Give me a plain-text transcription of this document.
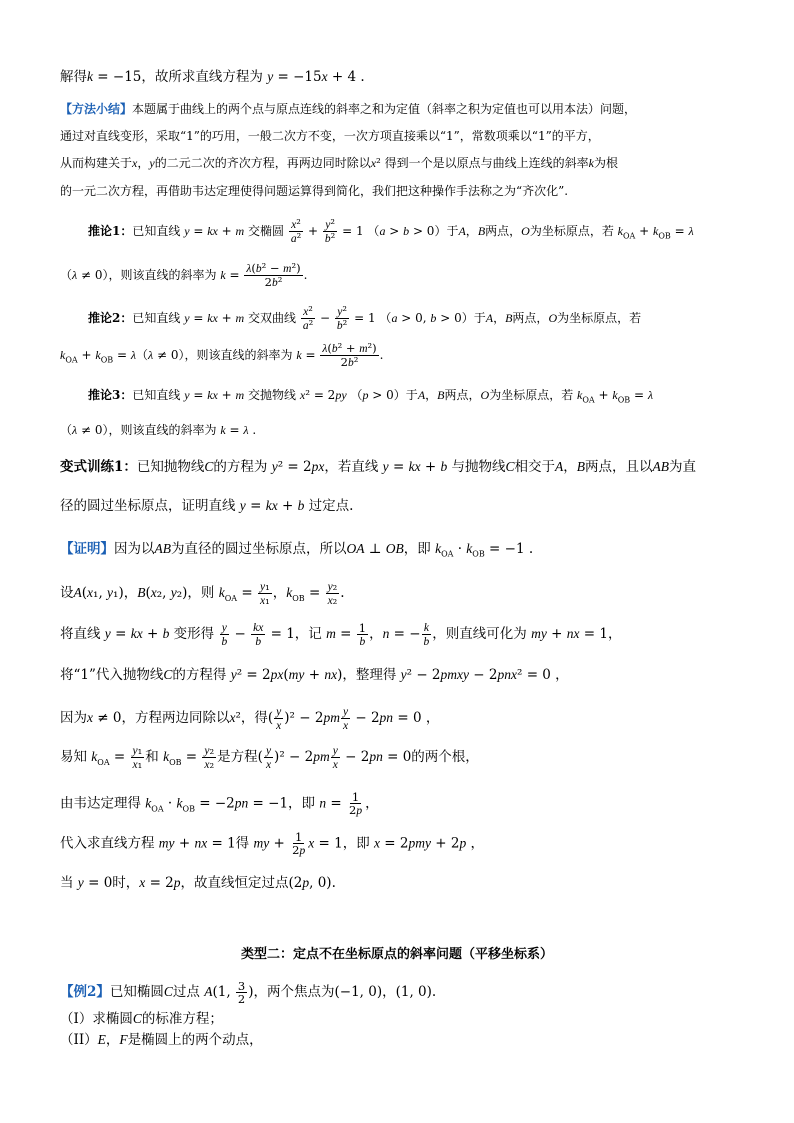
解得k = −15，故所求直线方程为 y = −15x + 4 .
【方法小结】本题属于曲线上的两个点与原点连线的斜率之和为定值（斜率之积为定值也可以用本法）问题，
通过对直线变形，采取“1”的巧用，一般二次方不变，一次方项直接乘以“1”，常数项乘以“1”的平方，
从而构建关于x，y的二元二次的齐次方程，再两边同时除以x² 得到一个是以原点与曲线上连线的斜率k为根
的一元二次方程，再借助韦达定理使得问题运算得到简化，我们把这种操作手法称之为“齐次化”.
推论1：已知直线 y = kx + m 交椭圆 $\frac{\text{x²}}{\text{a²}} + \frac{\text{y²}}{\text{b²}} = 1$ （a > b > 0）于A，B两点，O为坐标原点，若 $k_{OA} + k_{OB} = \lambda$
（λ ≠ 0），则该直线的斜率为 $k = \frac{\text{λ(b² − m²)}}{\text{2b²}}$ .
推论2：已知直线 y = kx + m 交双曲线 $\frac{\text{x²}}{\text{a²}} - \frac{\text{y²}}{\text{b²}} = 1$ （a > 0, b > 0）于A，B两点，O为坐标原点，若
$k_{OA} + k_{OB} = \lambda(\lambda \ne 0)$，则该直线的斜率为 $k = \frac{\text{λ(b² + m²)}}{\text{2b²}}$ .
推论3：已知直线 y = kx + m 交抛物线 x² = 2py （p > 0）于A，B两点，O为坐标原点，若 $k_{OA} + k_{OB} = \lambda$
（λ ≠ 0），则该直线的斜率为 k = λ .
变式训练1：已知抛物线C的方程为 y² = 2px，若直线 y = kx + b 与抛物线C相交于A，B两点，且以AB为直
径的圆过坐标原点，证明直线 y = kx + b 过定点.
【证明】因为以AB为直径的圆过坐标原点，所以OA ⊥ OB，即 $k_{OA} \cdot k_{OB} = -1$ .
设A(x₁, y₁)，B(x₂, y₂)，则 $k_{OA} = \frac{\text{y₁}}{\text{x₁}}$ ，$k_{OB} = \frac{\text{y₂}}{\text{x₂}}$ .
将直线 y = kx + b 变形得 $\frac{y}{b} - \frac{kx}{b} = 1$，记 $m = \frac{1}{b}$ ，n = − $\frac{k}{b}$ ，则直线可化为 my + nx = 1，
将“1”代入抛物线C的方程得 y² = 2px(my + nx)，整理得 y² − 2pmxy − 2pnx² = 0 ，
因为x ≠ 0，方程两边同除以x²，得( $\frac{y}{x} )^2 - 2pm \frac{y}{x} - 2pn = 0$ ，
易知 $k_{OA} = \frac{\text{y₁}}{\text{x₁}}$ 和 $k_{OB} = \frac{\text{y₂}}{\text{x₂}}$ 是方程( $\frac{y}{x} )^2 - 2pm \frac{y}{x} - 2pn = 0$的两个根，
由韦达定理得 $k_{OA} \cdot k_{OB} = -2pn = -1$，即 $n = \frac{1}{2p}$ ，
代入求直线方程 my + nx = 1得 my + $\frac{1}{2p}$ x = 1，即 x = 2pmy + 2p ，
当 y = 0时，x = 2p，故直线恒定过点(2p, 0).
类型二：定点不在坐标原点的斜率问题（平移坐标系）
【例2】已知椭圆C过点 A(1, $\frac{3}{2}$ )，两个焦点为(−1, 0)，(1, 0).
（I）求椭圆C的标准方程；
（II）E，F是椭圆上的两个动点，
